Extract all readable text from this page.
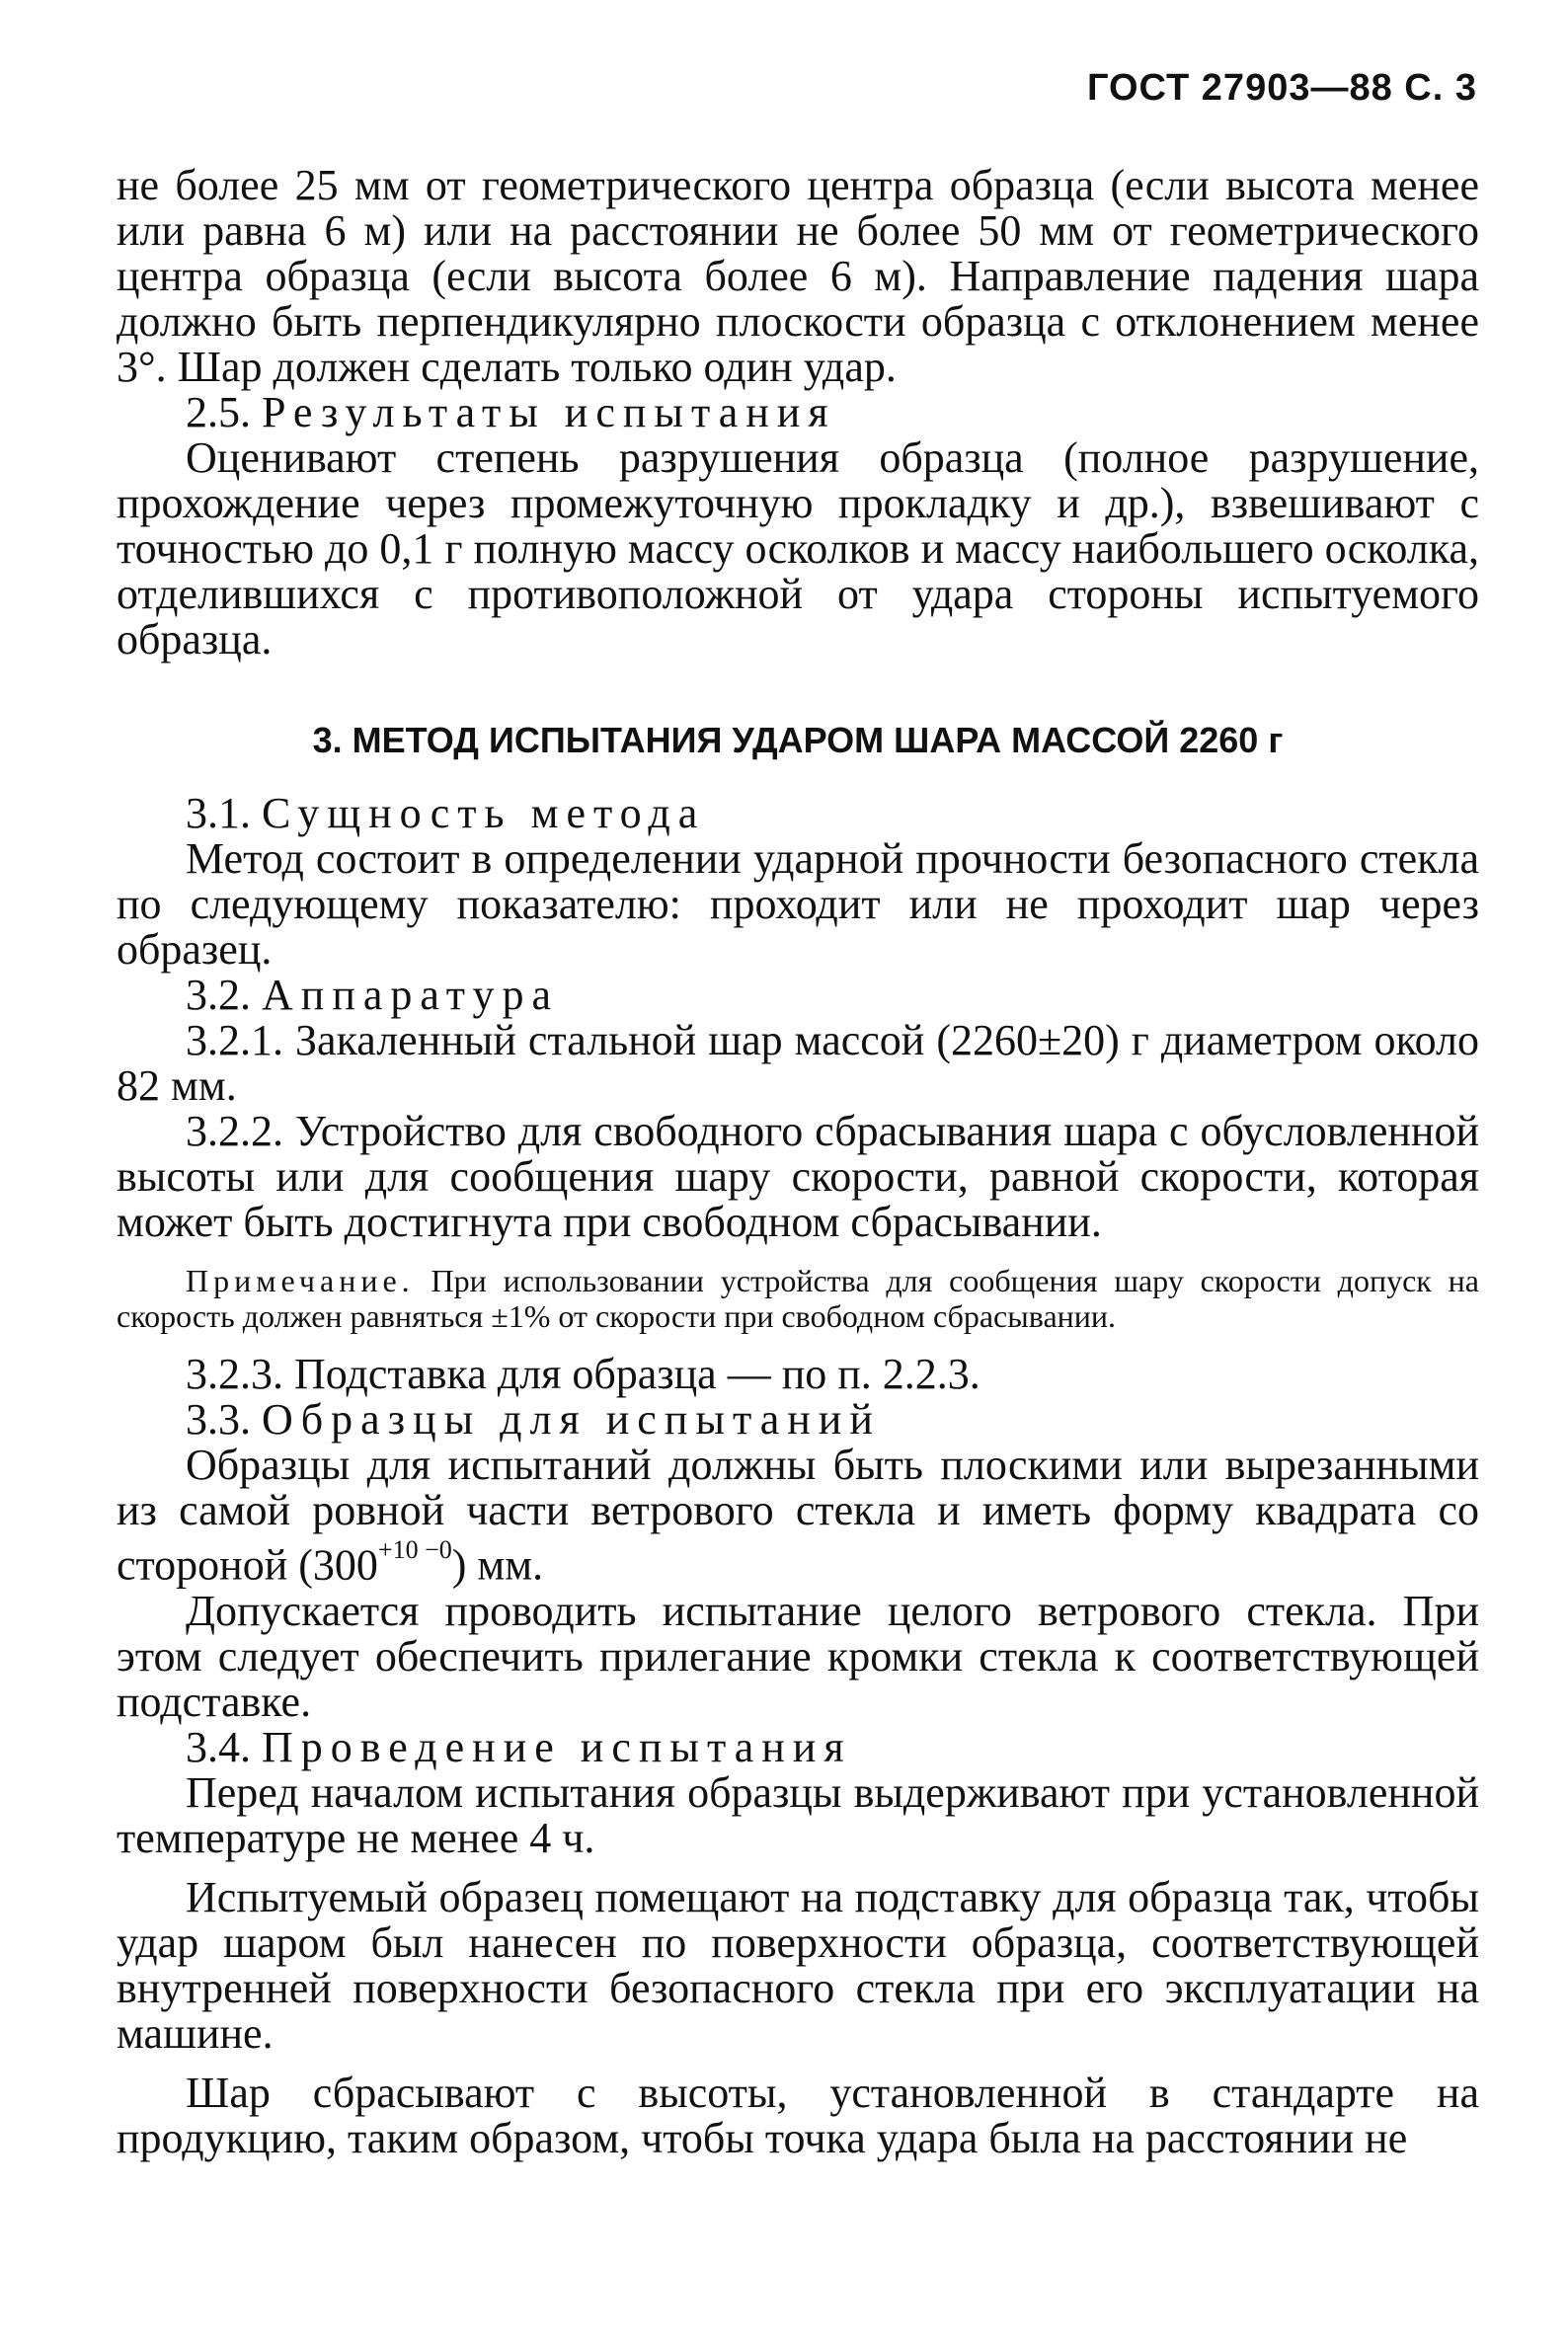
ГОСТ 27903—88 С. 3

не более 25 мм от геометрического центра образца (если высота менее или равна 6 м) или на расстоянии не более 50 мм от геометрического центра образца (если высота более 6 м). Направление падения шара должно быть перпендикулярно плоскости образца с отклонением менее 3°. Шар должен сделать только один удар.

2.5. Результаты испытания

Оценивают степень разрушения образца (полное разрушение, прохождение через промежуточную прокладку и др.), взвешивают с точностью до 0,1 г полную массу осколков и массу наибольшего осколка, отделившихся с противоположной от удара стороны испытуемого образца.

3. МЕТОД ИСПЫТАНИЯ УДАРОМ ШАРА МАССОЙ 2260 г

3.1. Сущность метода

Метод состоит в определении ударной прочности безопасного стекла по следующему показателю: проходит или не проходит шар через образец.

3.2. Аппаратура

3.2.1. Закаленный стальной шар массой (2260±20) г диаметром около 82 мм.

3.2.2. Устройство для свободного сбрасывания шара с обусловленной высоты или для сообщения шару скорости, равной скорости, которая может быть достигнута при свободном сбрасывании.

Примечание. При использовании устройства для сообщения шару скорости допуск на скорость должен равняться ±1% от скорости при свободном сбрасывании.

3.2.3. Подставка для образца — по п. 2.2.3.

3.3. Образцы для испытаний

Образцы для испытаний должны быть плоскими или вырезанными из самой ровной части ветрового стекла и иметь форму квадрата со стороной $(300^{+10 -0})$ мм.

Допускается проводить испытание целого ветрового стекла. При этом следует обеспечить прилегание кромки стекла к соответствующей подставке.

3.4. Проведение испытания

Перед началом испытания образцы выдерживают при установленной температуре не менее 4 ч.

Испытуемый образец помещают на подставку для образца так, чтобы удар шаром был нанесен по поверхности образца, соответствующей внутренней поверхности безопасного стекла при его эксплуатации на машине.

Шар сбрасывают с высоты, установленной в стандарте на продукцию, таким образом, чтобы точка удара была на расстоянии не
